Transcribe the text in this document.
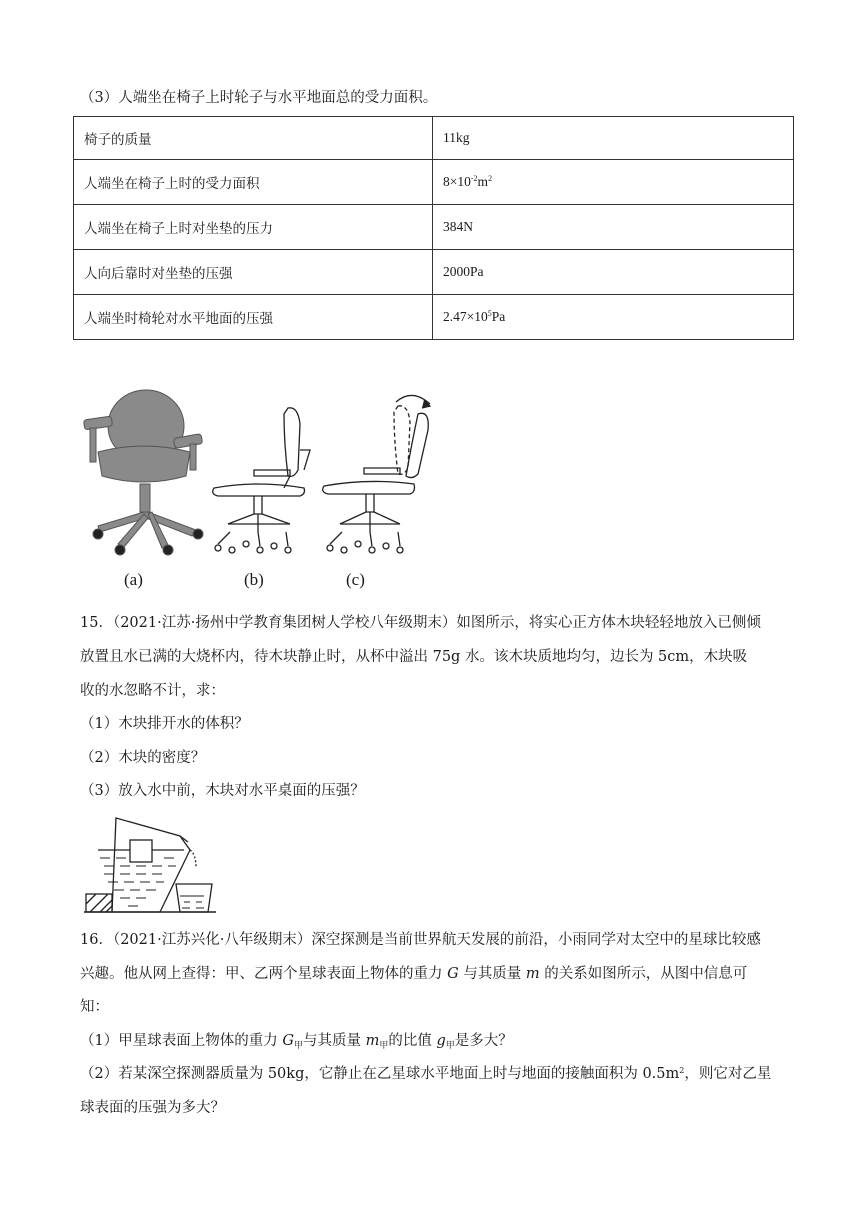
（3）人端坐在椅子上时轮子与水平地面总的受力面积。
椅子的质量	11kg
人端坐在椅子上时的受力面积	$8\times 10^{-2}m^2$
人端坐在椅子上时对坐垫的压力	384N
人向后靠时对坐垫的压强	2000Pa
人端坐时椅轮对水平地面的压强	$2.47\times 10^5Pa$
(a)	(b)	(c)
15．（2021·江苏·扬州中学教育集团树人学校八年级期末）如图所示，将实心正方体木块轻轻地放入已侧倾
放置且水已满的大烧杯内，待木块静止时，从杯中溢出 75g 水。该木块质地均匀，边长为 5cm，木块吸
收的水忽略不计，求：
（1）木块排开水的体积？
（2）木块的密度？
（3）放入水中前，木块对水平桌面的压强？
16．（2021·江苏兴化·八年级期末）深空探测是当前世界航天发展的前沿，小雨同学对太空中的星球比较感
兴趣。他从网上查得：甲、乙两个星球表面上物体的重力 G 与其质量 m 的关系如图所示，从图中信息可
知：
（1）甲星球表面上物体的重力 $G_甲$与其质量 $m_甲$的比值 $g_甲$是多大？
（2）若某深空探测器质量为 50kg，它静止在乙星球水平地面上时与地面的接触面积为 $0.5m^2$，则它对乙星
球表面的压强为多大？
